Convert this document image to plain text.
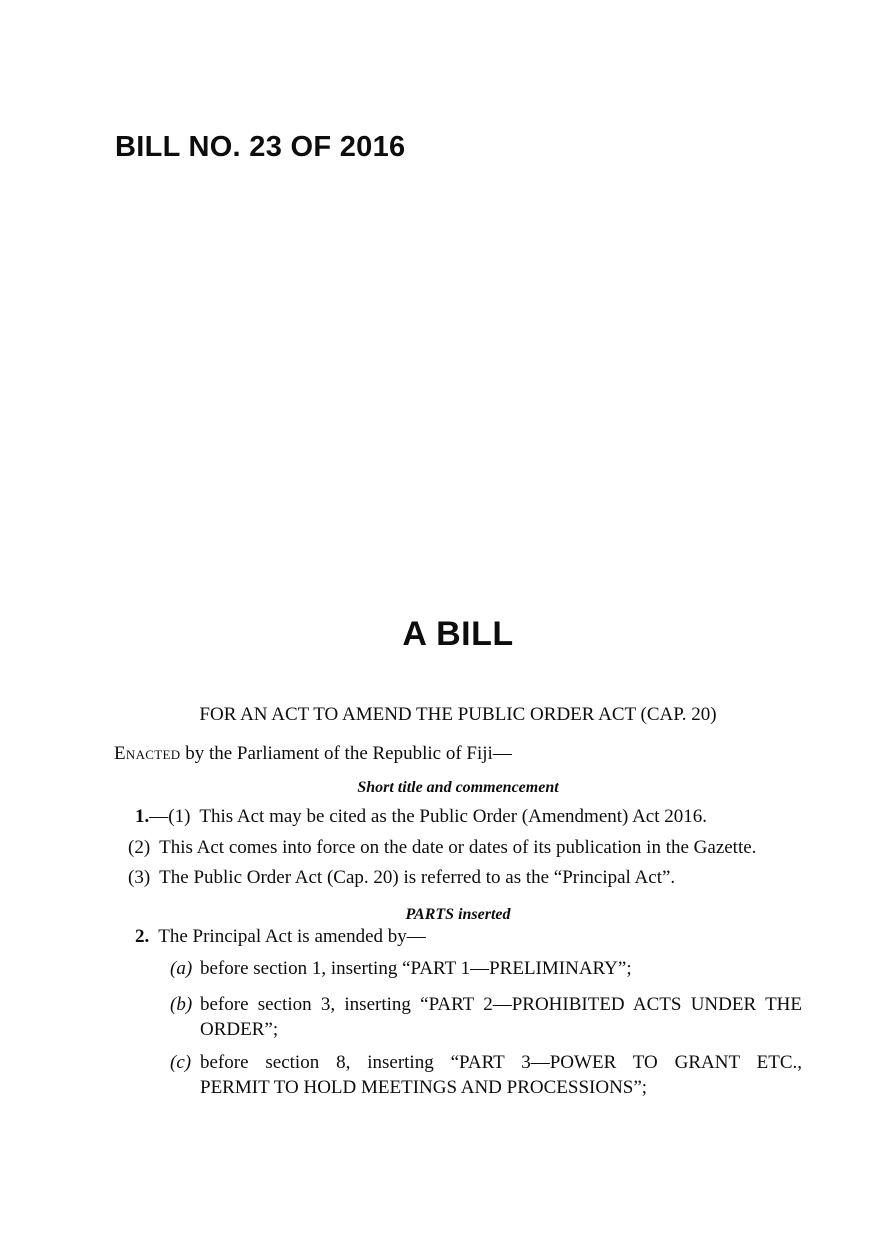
BILL NO. 23 OF 2016
A BILL

FOR AN ACT TO AMEND THE PUBLIC ORDER ACT (CAP. 20)

Enacted by the Parliament of the Republic of Fiji—

Short title and commencement

1.—(1) This Act may be cited as the Public Order (Amendment) Act 2016.

(2) This Act comes into force on the date or dates of its publication in the Gazette.

(3) The Public Order Act (Cap. 20) is referred to as the “Principal Act”.

PARTS inserted

2. The Principal Act is amended by—

(a) before section 1, inserting “PART 1—PRELIMINARY”;

(b) before section 3, inserting “PART 2—PROHIBITED ACTS UNDER THE

ORDER”;

(c) before section 8, inserting “PART 3—POWER TO GRANT ETC.,

PERMIT TO HOLD MEETINGS AND PROCESSIONS”;
